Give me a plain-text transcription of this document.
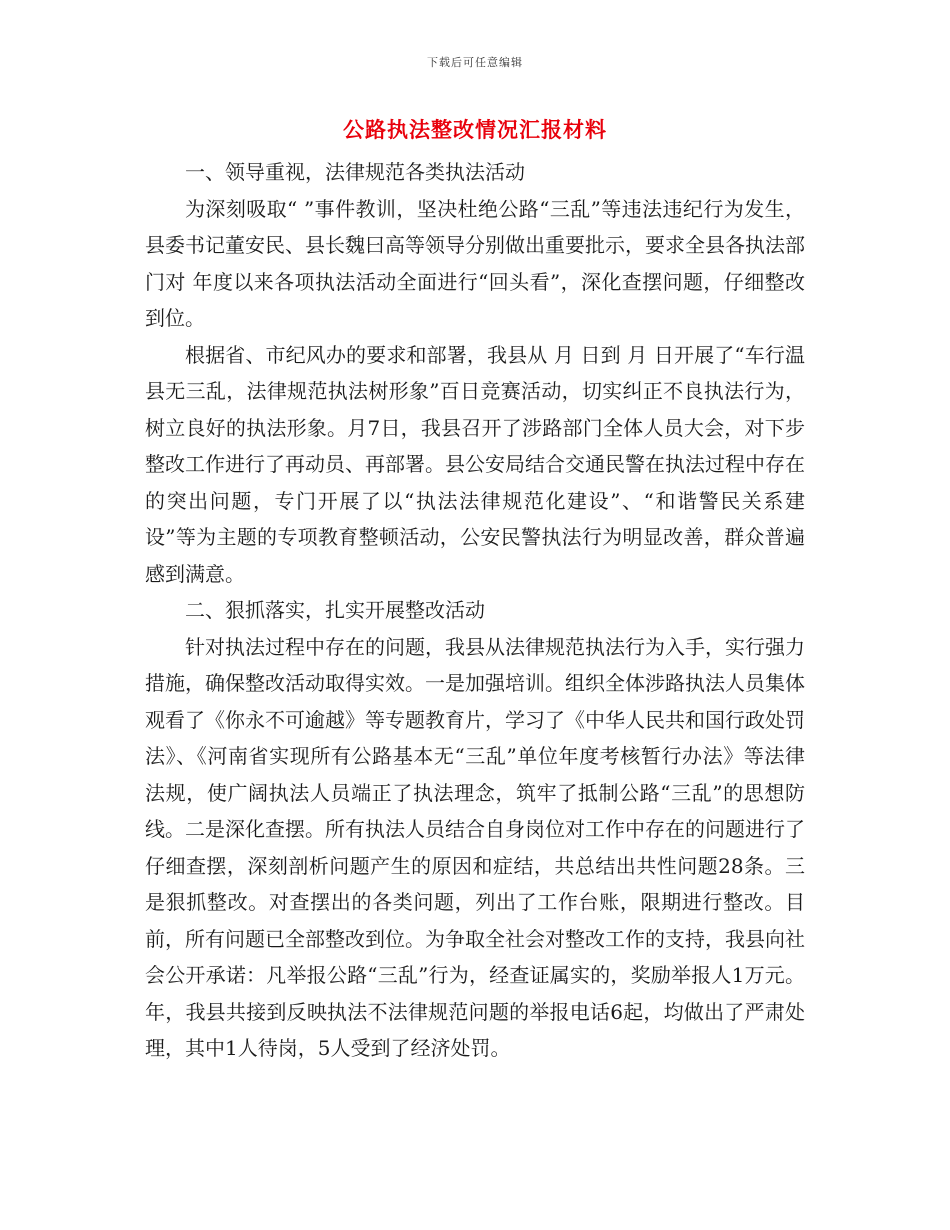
下载后可任意编辑
公路执法整改情况汇报材料

一、领导重视，法律规范各类执法活动

为深刻吸取“ ”事件教训，坚决杜绝公路“三乱”等违法违纪行为发生，县委书记董安民、县长魏曰高等领导分别做出重要批示，要求全县各执法部门对 年度以来各项执法活动全面进行“回头看”，深化查摆问题，仔细整改到位。

根据省、市纪风办的要求和部署，我县从 月 日到 月 日开展了“车行温县无三乱，法律规范执法树形象”百日竞赛活动，切实纠正不良执法行为，树立良好的执法形象。月7日，我县召开了涉路部门全体人员大会，对下步整改工作进行了再动员、再部署。县公安局结合交通民警在执法过程中存在的突出问题，专门开展了以“执法法律规范化建设”、“和谐警民关系建设”等为主题的专项教育整顿活动，公安民警执法行为明显改善，群众普遍感到满意。

二、狠抓落实，扎实开展整改活动

针对执法过程中存在的问题，我县从法律规范执法行为入手，实行强力措施，确保整改活动取得实效。一是加强培训。组织全体涉路执法人员集体观看了《你永不可逾越》等专题教育片，学习了《中华人民共和国行政处罚法》、《河南省实现所有公路基本无“三乱”单位年度考核暂行办法》等法律法规，使广阔执法人员端正了执法理念，筑牢了抵制公路“三乱”的思想防线。二是深化查摆。所有执法人员结合自身岗位对工作中存在的问题进行了仔细查摆，深刻剖析问题产生的原因和症结，共总结出共性问题28条。三是狠抓整改。对查摆出的各类问题，列出了工作台账，限期进行整改。目前，所有问题已全部整改到位。为争取全社会对整改工作的支持，我县向社会公开承诺：凡举报公路“三乱”行为，经查证属实的，奖励举报人1万元。 年，我县共接到反映执法不法律规范问题的举报电话6起，均做出了严肃处理，其中1人待岗，5人受到了经济处罚。
